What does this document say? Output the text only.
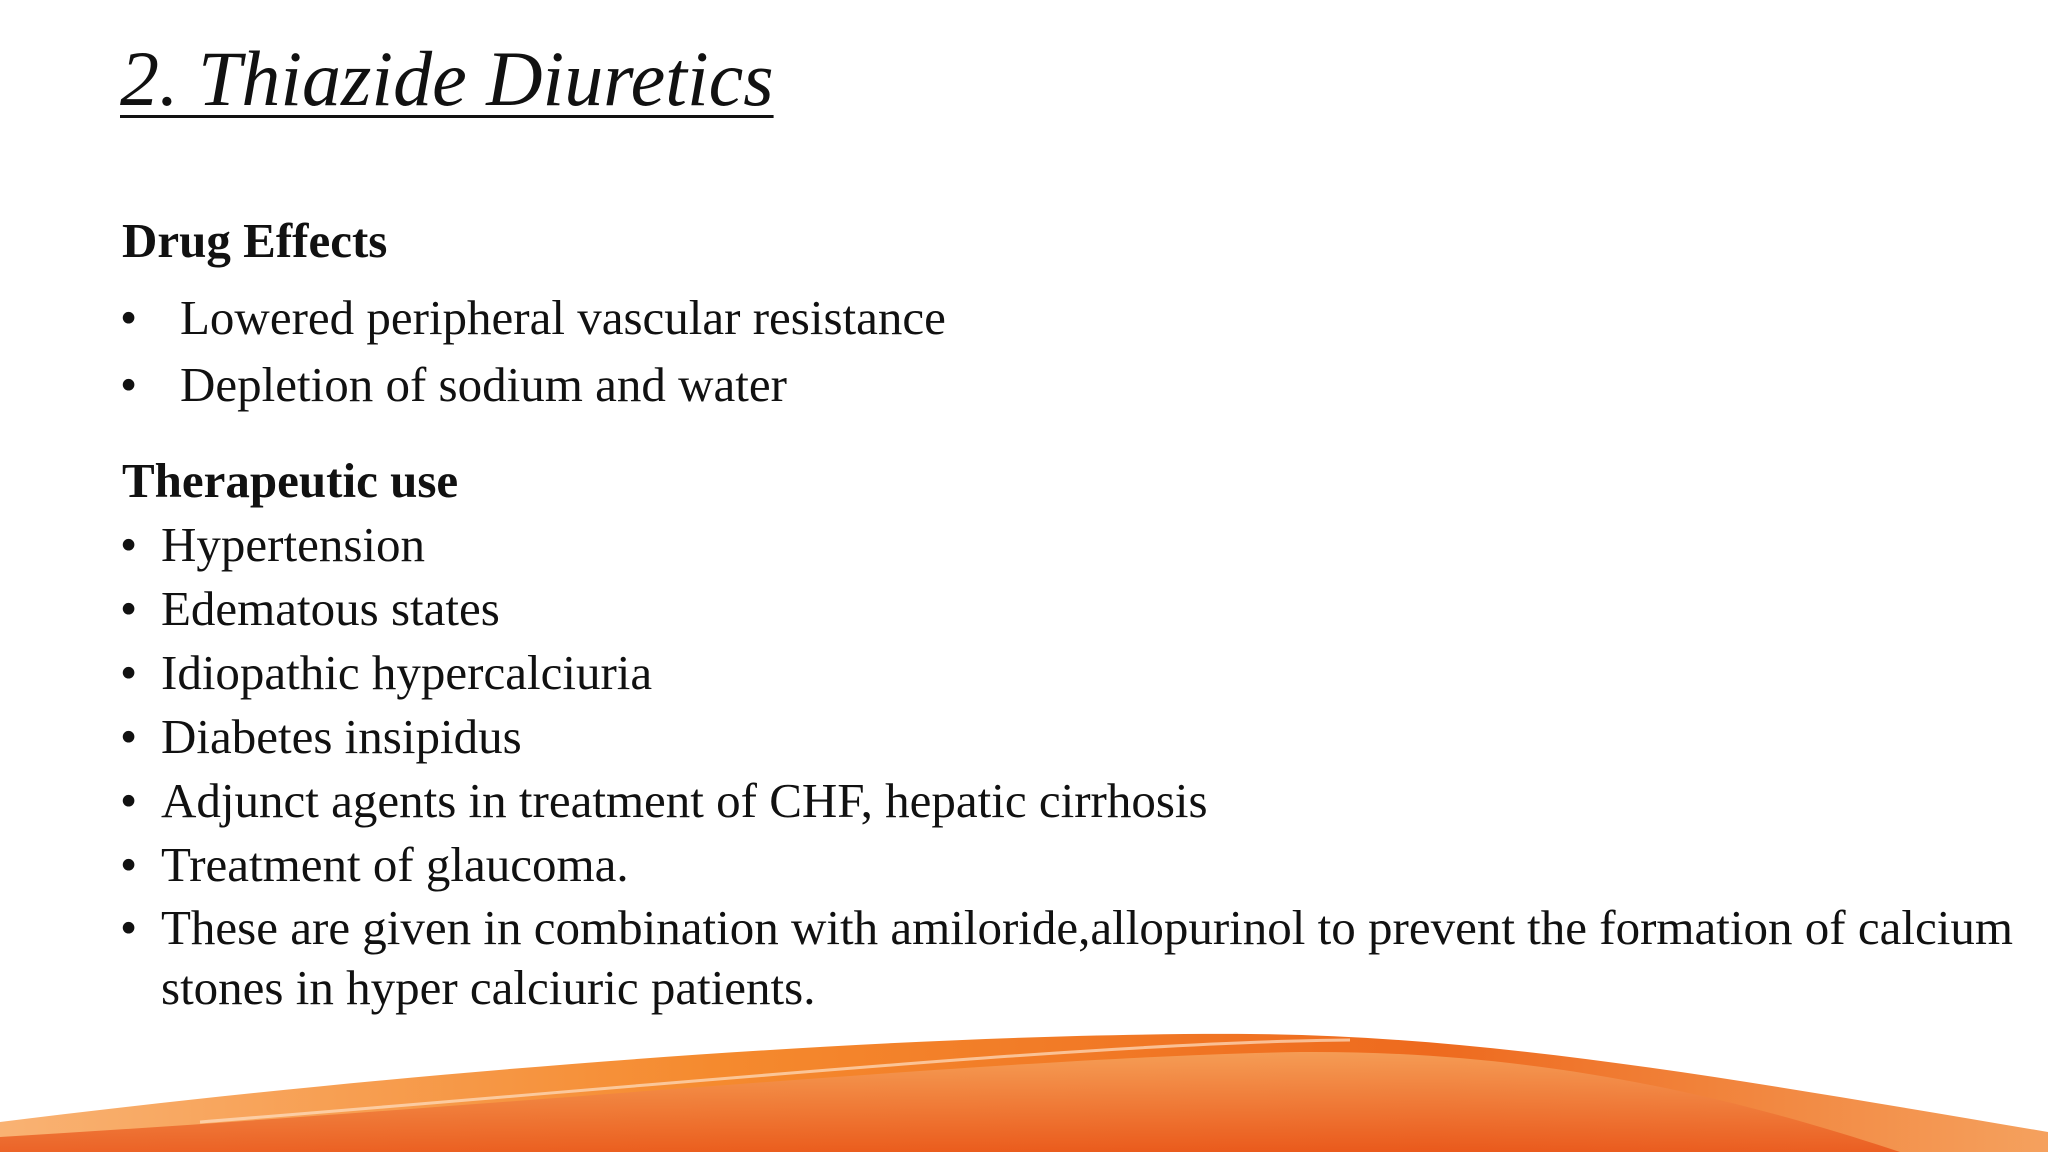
2. Thiazide Diuretics
Drug Effects
• Lowered peripheral vascular resistance
• Depletion of sodium and water
Therapeutic use
• Hypertension
• Edematous states
• Idiopathic hypercalciuria
• Diabetes insipidus
• Adjunct agents in treatment of CHF, hepatic cirrhosis
• Treatment of glaucoma.
• These are given in combination with amiloride,allopurinol to prevent the formation of calcium stones in hyper calciuric patients.
